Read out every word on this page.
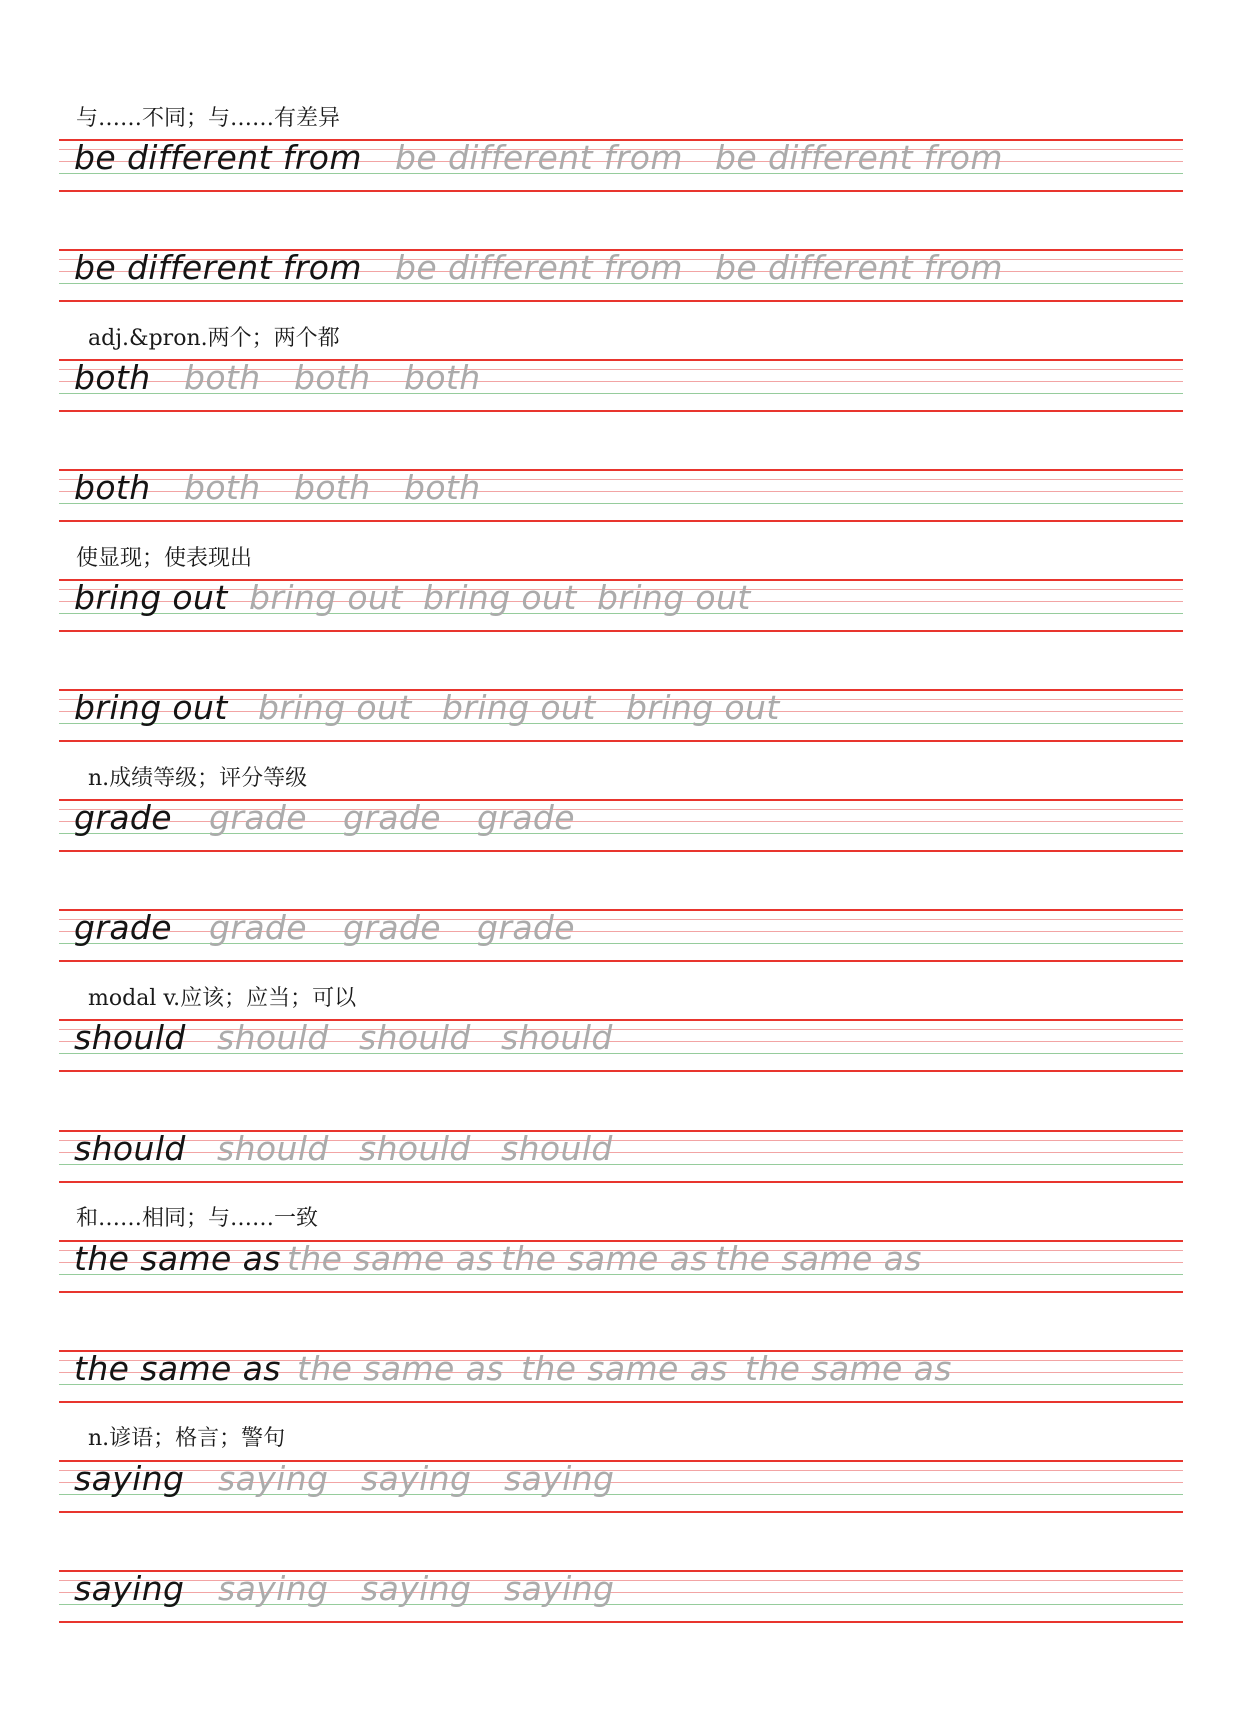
与……不同；与……有差异
be different from be different from be different from
be different from be different from be different from
adj.&pron.两个；两个都
both both both both
both both both both
使显现；使表现出
bring out bring out bring out bring out
bring out bring out bring out bring out
n.成绩等级；评分等级
grade grade grade grade
grade grade grade grade
modal v.应该；应当；可以
should should should should
should should should should
和……相同；与……一致
the same as the same as the same as the same as
the same as the same as the same as the same as
n.谚语；格言；警句
saying saying saying saying
saying saying saying saying
